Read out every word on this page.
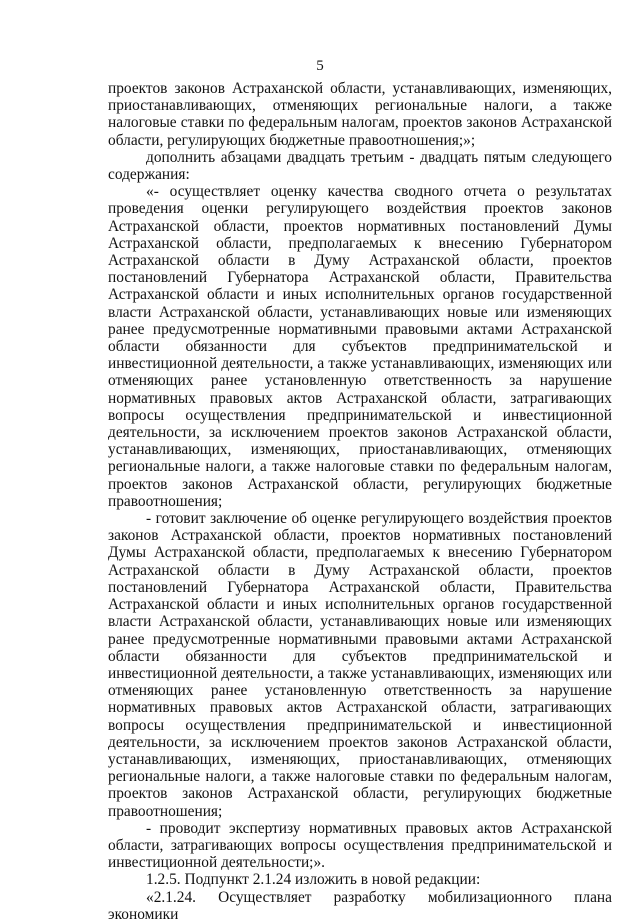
5

проектов законов Астраханской области, устанавливающих, изменяющих, приостанавливающих, отменяющих региональные налоги, а также налоговые ставки по федеральным налогам, проектов законов Астраханской области, регулирующих бюджетные правоотношения;»;

дополнить абзацами двадцать третьим - двадцать пятым следующего содержания:

«- осуществляет оценку качества сводного отчета о результатах проведения оценки регулирующего воздействия проектов законов Астраханской области, проектов нормативных постановлений Думы Астраханской области, предполагаемых к внесению Губернатором Астраханской области в Думу Астраханской области, проектов постановлений Губернатора Астраханской области, Правительства Астраханской области и иных исполнительных органов государственной власти Астраханской области, устанавливающих новые или изменяющих ранее предусмотренные нормативными правовыми актами Астраханской области обязанности для субъектов предпринимательской и инвестиционной деятельности, а также устанавливающих, изменяющих или отменяющих ранее установленную ответственность за нарушение нормативных правовых актов Астраханской области, затрагивающих вопросы осуществления предпринимательской и инвестиционной деятельности, за исключением проектов законов Астраханской области, устанавливающих, изменяющих, приостанавливающих, отменяющих региональные налоги, а также налоговые ставки по федеральным налогам, проектов законов Астраханской области, регулирующих бюджетные правоотношения;

- готовит заключение об оценке регулирующего воздействия проектов законов Астраханской области, проектов нормативных постановлений Думы Астраханской области, предполагаемых к внесению Губернатором Астраханской области в Думу Астраханской области, проектов постановлений Губернатора Астраханской области, Правительства Астраханской области и иных исполнительных органов государственной власти Астраханской области, устанавливающих новые или изменяющих ранее предусмотренные нормативными правовыми актами Астраханской области обязанности для субъектов предпринимательской и инвестиционной деятельности, а также устанавливающих, изменяющих или отменяющих ранее установленную ответственность за нарушение нормативных правовых актов Астраханской области, затрагивающих вопросы осуществления предпринимательской и инвестиционной деятельности, за исключением проектов законов Астраханской области, устанавливающих, изменяющих, приостанавливающих, отменяющих региональные налоги, а также налоговые ставки по федеральным налогам, проектов законов Астраханской области, регулирующих бюджетные правоотношения;

- проводит экспертизу нормативных правовых актов Астраханской области, затрагивающих вопросы осуществления предпринимательской и инвестиционной деятельности;».

1.2.5. Подпункт 2.1.24 изложить в новой редакции:

«2.1.24. Осуществляет разработку мобилизационного плана экономики
